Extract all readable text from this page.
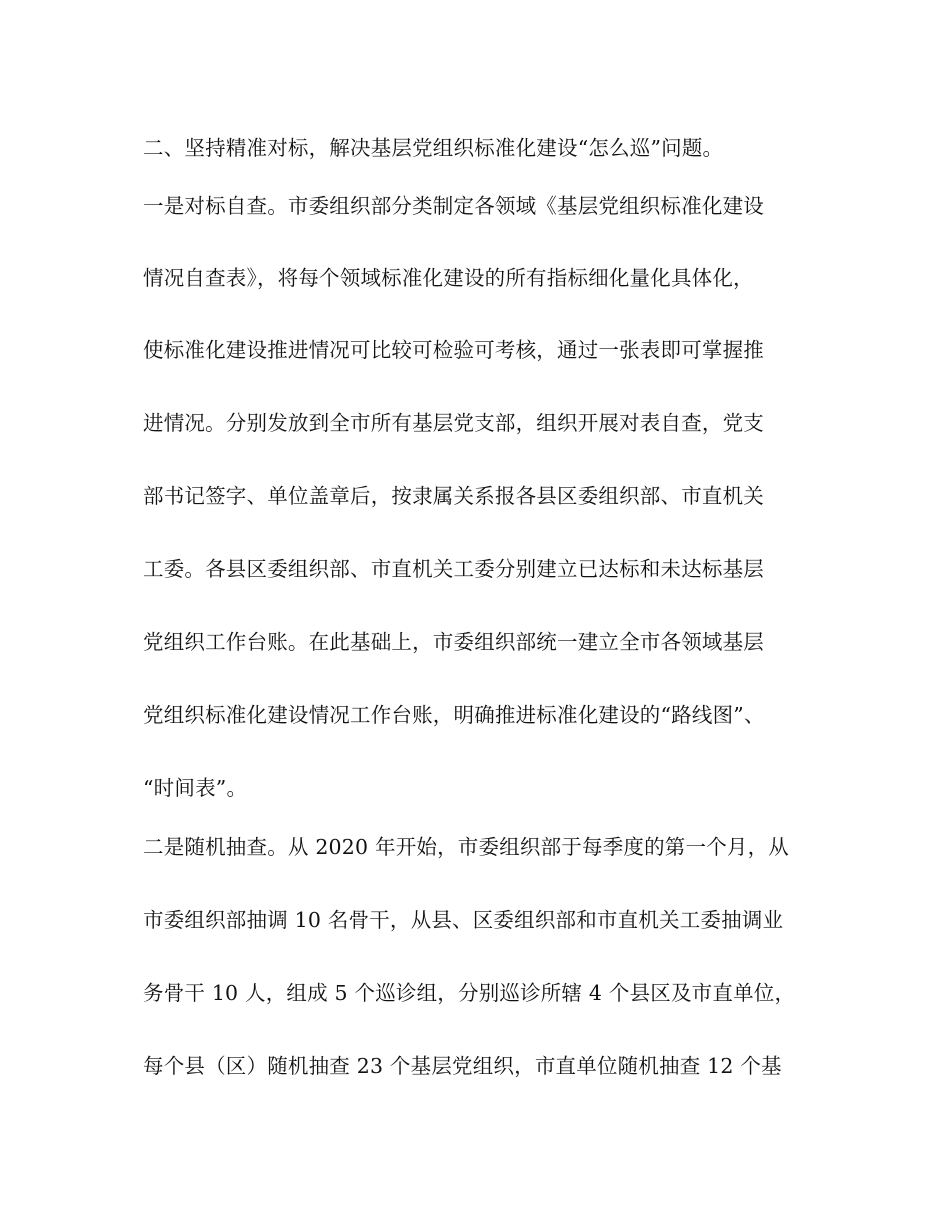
二、坚持精准对标，解决基层党组织标准化建设“怎么巡”问题。
一是对标自查。市委组织部分类制定各领域《基层党组织标准化建设
情况自查表》，将每个领域标准化建设的所有指标细化量化具体化，
使标准化建设推进情况可比较可检验可考核，通过一张表即可掌握推
进情况。分别发放到全市所有基层党支部，组织开展对表自查，党支
部书记签字、单位盖章后，按隶属关系报各县区委组织部、市直机关
工委。各县区委组织部、市直机关工委分别建立已达标和未达标基层
党组织工作台账。在此基础上，市委组织部统一建立全市各领域基层
党组织标准化建设情况工作台账，明确推进标准化建设的“路线图”、
“时间表”。
二是随机抽查。从 2020 年开始，市委组织部于每季度的第一个月，从
市委组织部抽调 10 名骨干，从县、区委组织部和市直机关工委抽调业
务骨干 10 人，组成 5 个巡诊组，分别巡诊所辖 4 个县区及市直单位，
每个县（区）随机抽查 23 个基层党组织，市直单位随机抽查 12 个基
